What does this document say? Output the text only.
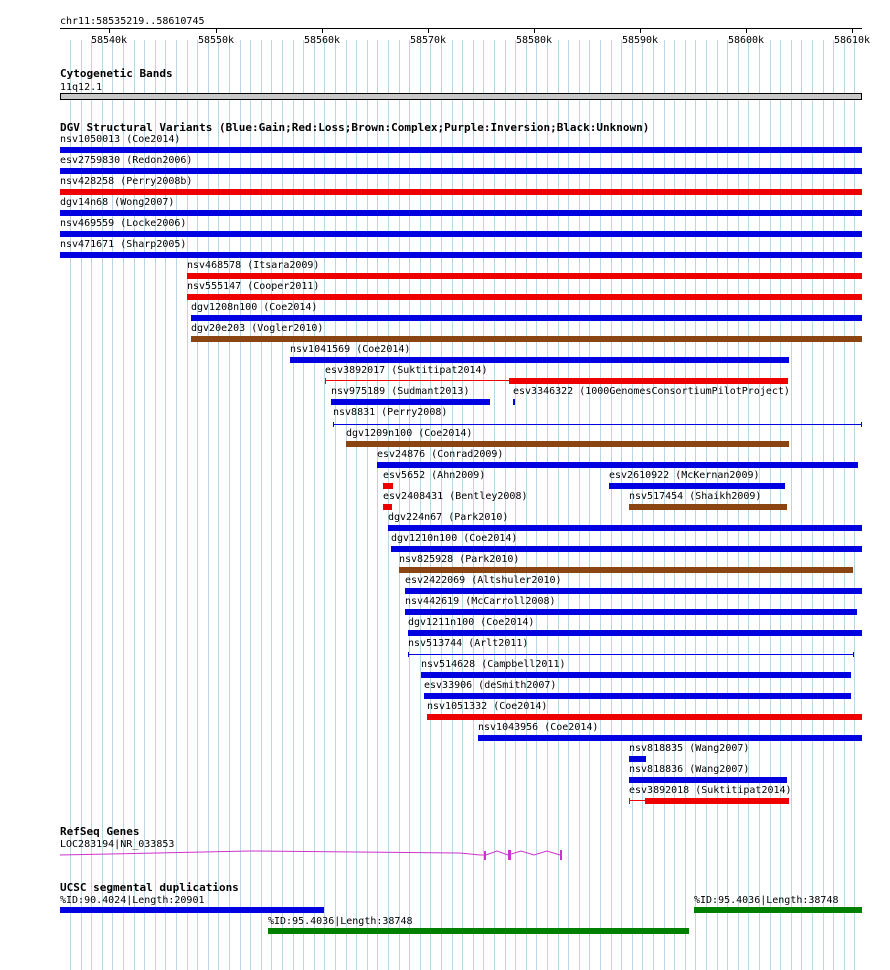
chr11:58535219..58610745
58540k	58550k	58560k	58570k	58580k	58590k	58600k	58610k
Cytogenetic Bands
11q12.1
DGV Structural Variants (Blue:Gain;Red:Loss;Brown:Complex;Purple:Inversion;Black:Unknown)
nsv1050013 (Coe2014)
esv2759830 (Redon2006)
nsv428258 (Perry2008b)
dgv14n68 (Wong2007)
nsv469559 (Locke2006)
nsv471671 (Sharp2005)
nsv468578 (Itsara2009)
nsv555147 (Cooper2011)
dgv1208n100 (Coe2014)
dgv20e203 (Vogler2010)
nsv1041569 (Coe2014)
esv3892017 (Suktitipat2014)
nsv975189 (Sudmant2013)	esv3346322 (1000GenomesConsortiumPilotProject)
nsv8831 (Perry2008)
dgv1209n100 (Coe2014)
esv24876 (Conrad2009)
esv5652 (Ahn2009)	esv2610922 (McKernan2009)
esv2408431 (Bentley2008)	nsv517454 (Shaikh2009)
dgv224n67 (Park2010)
dgv1210n100 (Coe2014)
nsv825928 (Park2010)
esv2422069 (Altshuler2010)
nsv442619 (McCarroll2008)
dgv1211n100 (Coe2014)
nsv513744 (Arlt2011)
nsv514628 (Campbell2011)
esv33906 (deSmith2007)
nsv1051332 (Coe2014)
nsv1043956 (Coe2014)
nsv818835 (Wang2007)
nsv818836 (Wang2007)
esv3892018 (Suktitipat2014)
RefSeq Genes
LOC283194|NR_033853
UCSC segmental duplications
%ID:90.4024|Length:20901
%ID:95.4036|Length:38748
%ID:95.4036|Length:38748
